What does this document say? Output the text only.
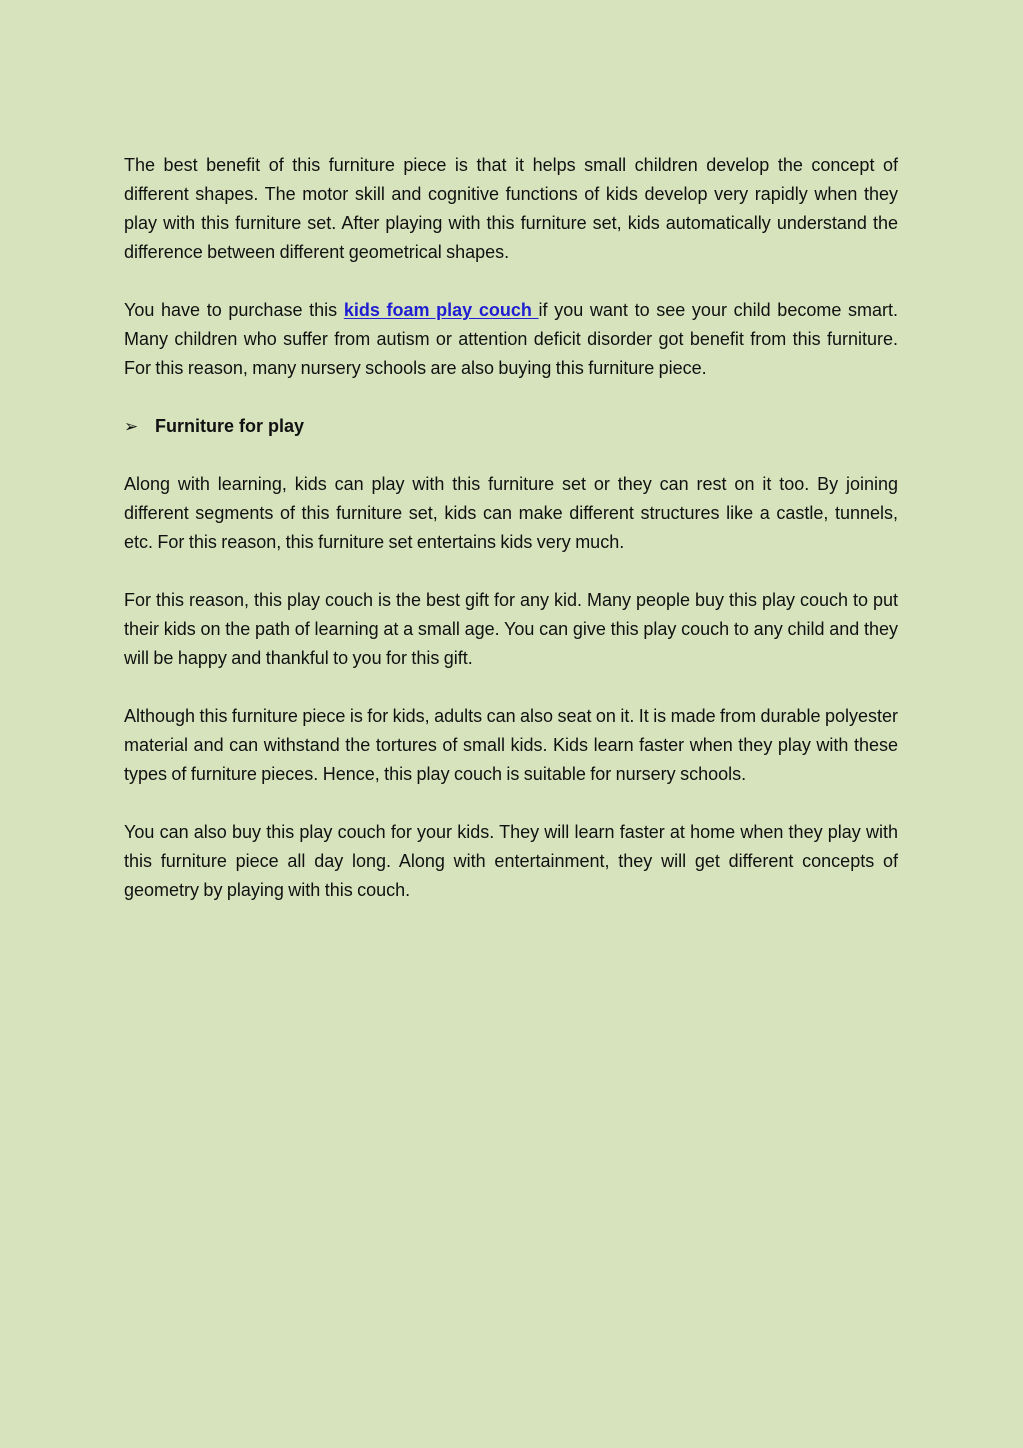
The best benefit of this furniture piece is that it helps small children develop the concept of different shapes. The motor skill and cognitive functions of kids develop very rapidly when they play with this furniture set. After playing with this furniture set, kids automatically understand the difference between different geometrical shapes.

You have to purchase this kids foam play couch if you want to see your child become smart. Many children who suffer from autism or attention deficit disorder got benefit from this furniture. For this reason, many nursery schools are also buying this furniture piece.

➢ Furniture for play

Along with learning, kids can play with this furniture set or they can rest on it too. By joining different segments of this furniture set, kids can make different structures like a castle, tunnels, etc. For this reason, this furniture set entertains kids very much.

For this reason, this play couch is the best gift for any kid. Many people buy this play couch to put their kids on the path of learning at a small age. You can give this play couch to any child and they will be happy and thankful to you for this gift.

Although this furniture piece is for kids, adults can also seat on it. It is made from durable polyester material and can withstand the tortures of small kids. Kids learn faster when they play with these types of furniture pieces. Hence, this play couch is suitable for nursery schools.

You can also buy this play couch for your kids. They will learn faster at home when they play with this furniture piece all day long. Along with entertainment, they will get different concepts of geometry by playing with this couch.
